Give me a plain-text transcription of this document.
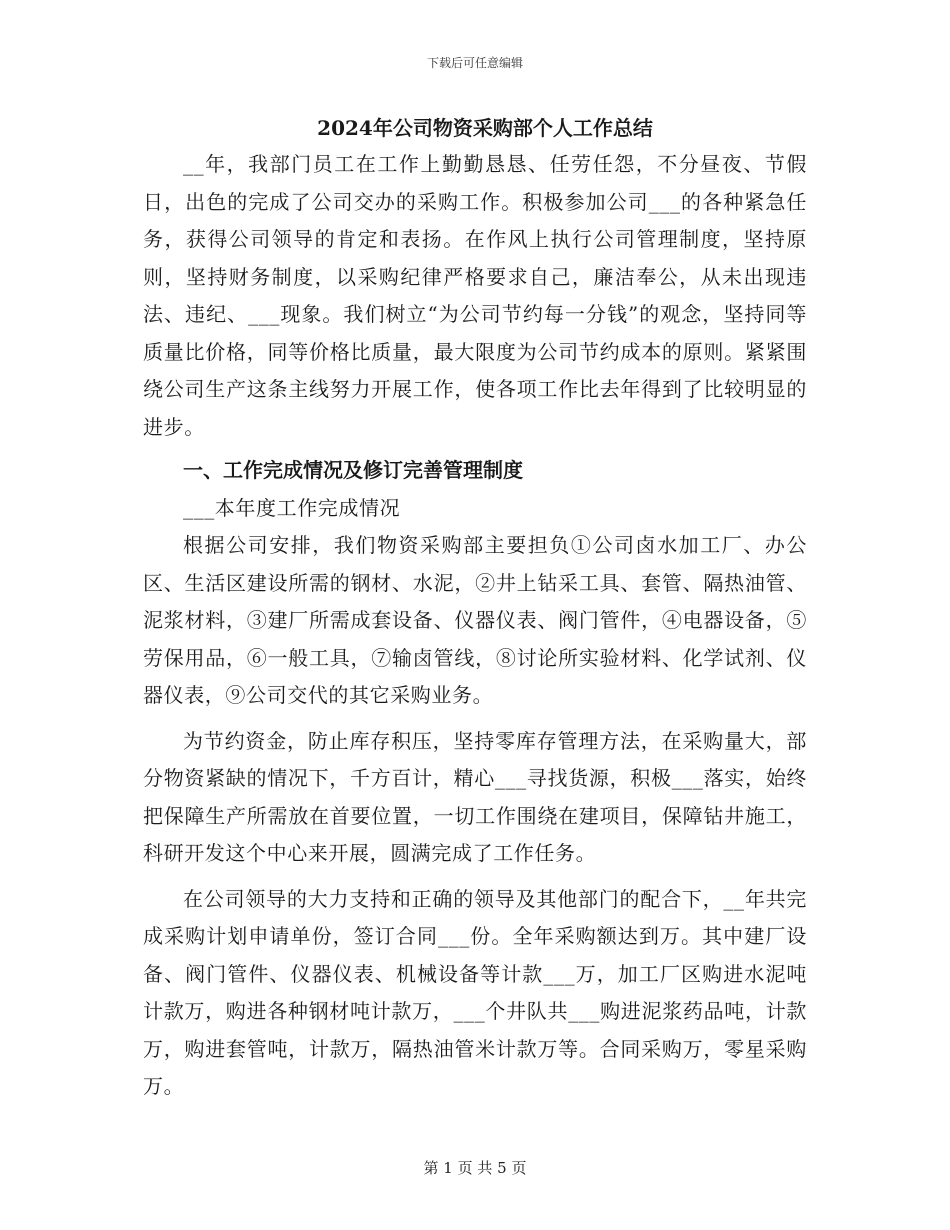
下载后可任意编辑
2024年公司物资采购部个人工作总结

__年，我部门员工在工作上勤勤恳恳、任劳任怨，不分昼夜、节假日，出色的完成了公司交办的采购工作。积极参加公司___的各种紧急任务，获得公司领导的肯定和表扬。在作风上执行公司管理制度，坚持原则，坚持财务制度，以采购纪律严格要求自己，廉洁奉公，从未出现违法、违纪、___现象。我们树立“为公司节约每一分钱”的观念，坚持同等质量比价格，同等价格比质量，最大限度为公司节约成本的原则。紧紧围绕公司生产这条主线努力开展工作，使各项工作比去年得到了比较明显的进步。

一、工作完成情况及修订完善管理制度

___本年度工作完成情况

根据公司安排，我们物资采购部主要担负①公司卤水加工厂、办公区、生活区建设所需的钢材、水泥，②井上钻采工具、套管、隔热油管、泥浆材料，③建厂所需成套设备、仪器仪表、阀门管件，④电器设备，⑤劳保用品，⑥一般工具，⑦输卤管线，⑧讨论所实验材料、化学试剂、仪器仪表，⑨公司交代的其它采购业务。

为节约资金，防止库存积压，坚持零库存管理方法，在采购量大，部分物资紧缺的情况下，千方百计，精心___寻找货源，积极___落实，始终把保障生产所需放在首要位置，一切工作围绕在建项目，保障钻井施工，科研开发这个中心来开展，圆满完成了工作任务。

在公司领导的大力支持和正确的领导及其他部门的配合下，__年共完成采购计划申请单份，签订合同___份。全年采购额达到万。其中建厂设备、阀门管件、仪器仪表、机械设备等计款___万，加工厂区购进水泥吨计款万，购进各种钢材吨计款万，___个井队共___购进泥浆药品吨，计款万，购进套管吨，计款万，隔热油管米计款万等。合同采购万，零星采购万。

第 1 页 共 5 页
